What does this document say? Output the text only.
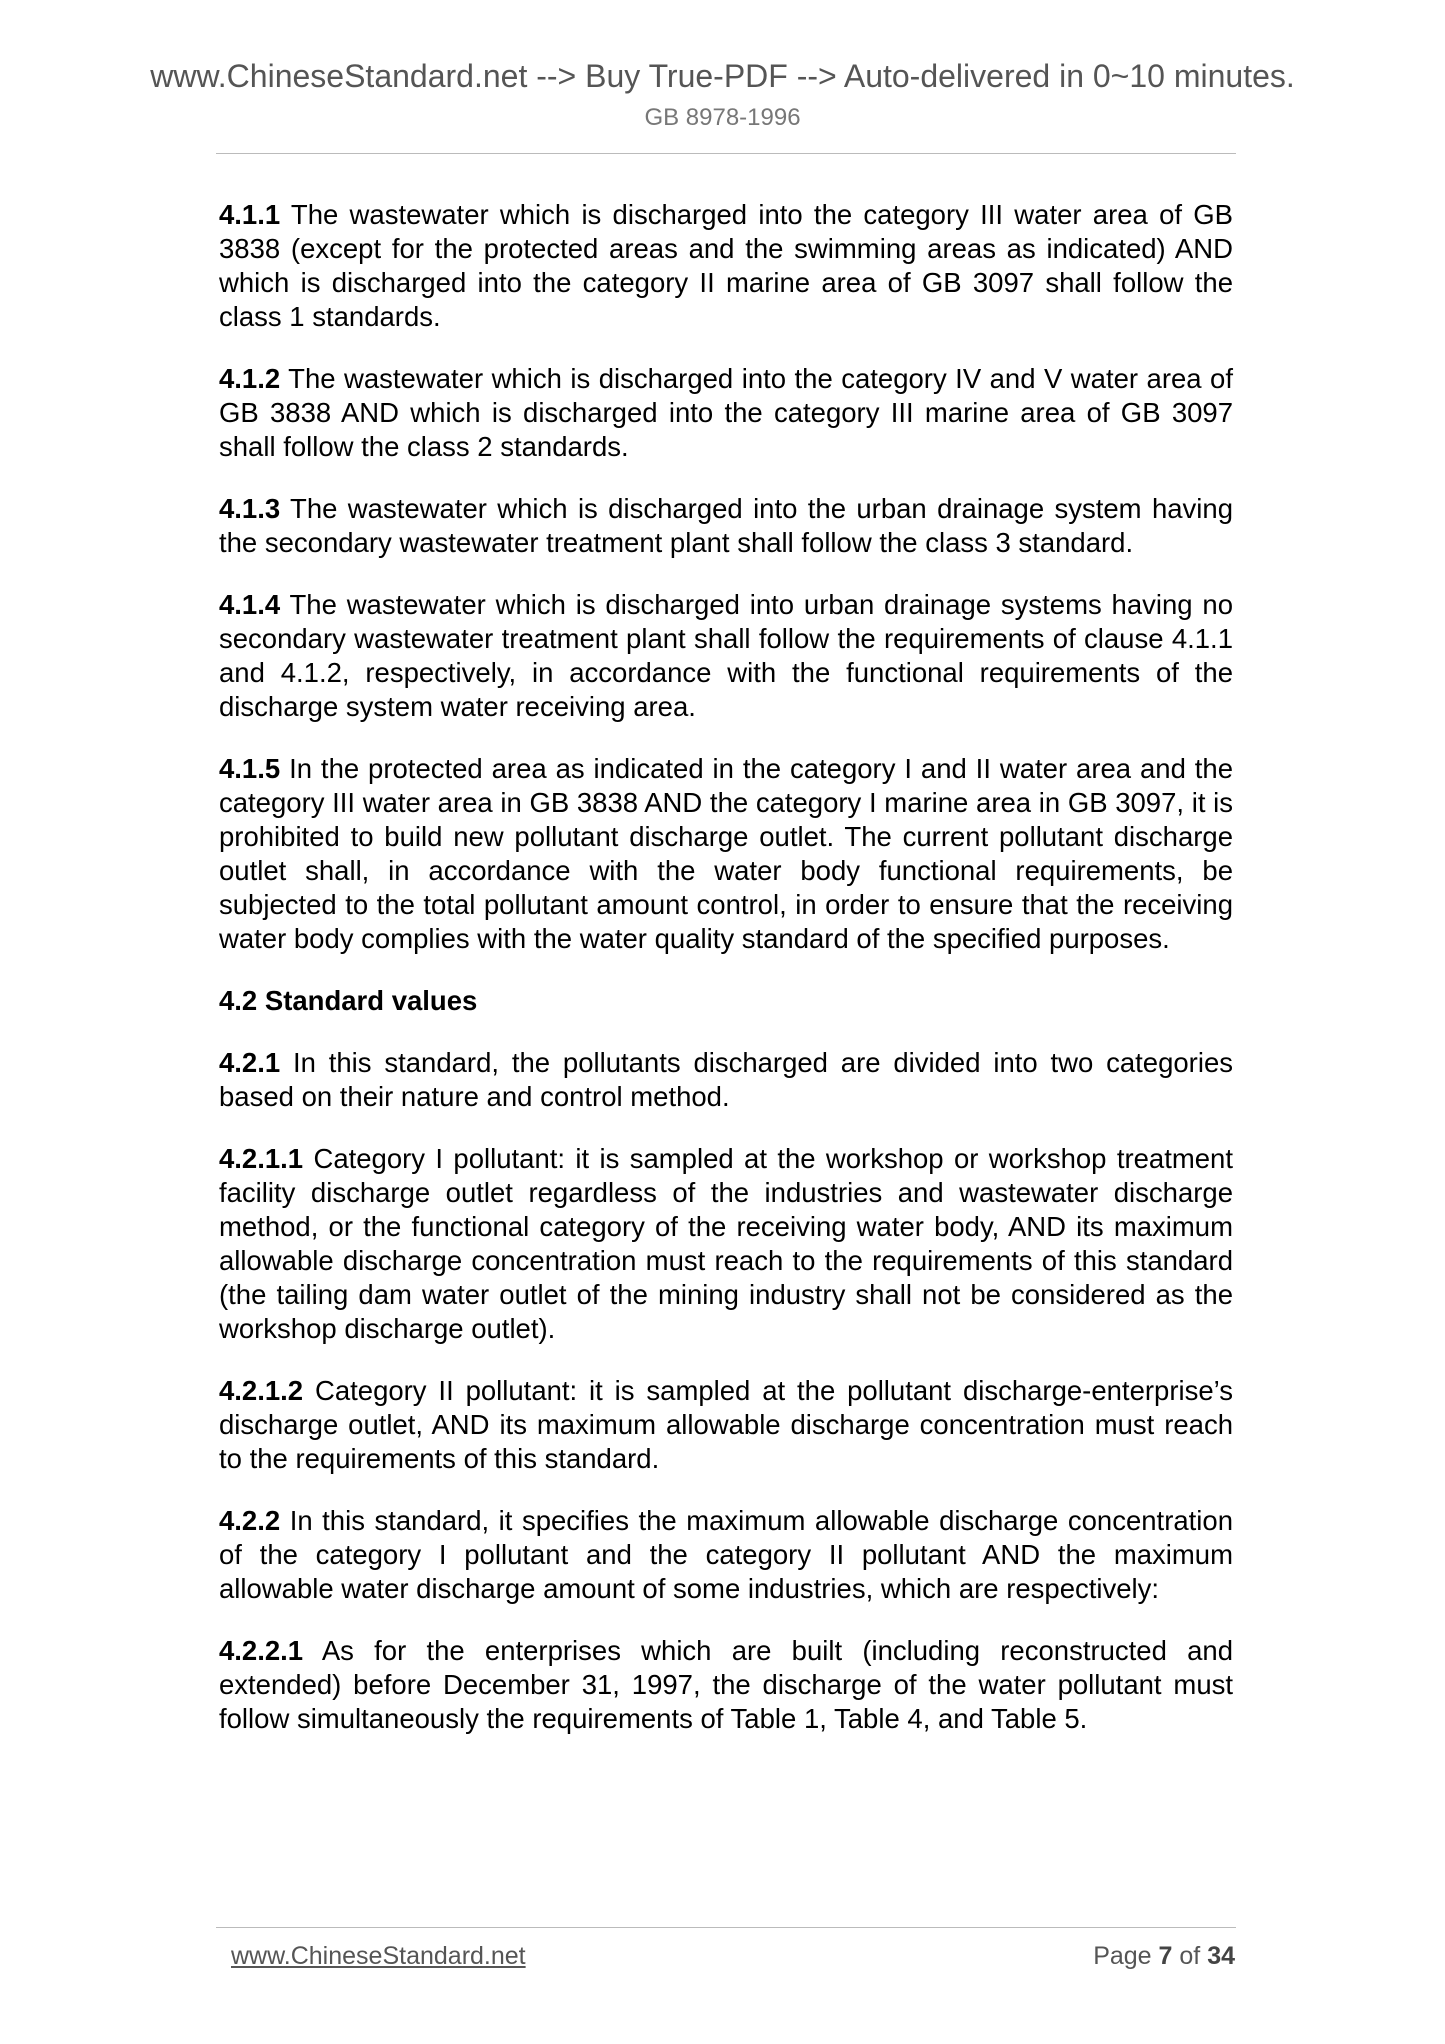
www.ChineseStandard.net --> Buy True-PDF --> Auto-delivered in 0~10 minutes.
GB 8978-1996

4.1.1 The wastewater which is discharged into the category III water area of GB 3838 (except for the protected areas and the swimming areas as indicated) AND which is discharged into the category II marine area of GB 3097 shall follow the class 1 standards.

4.1.2 The wastewater which is discharged into the category IV and V water area of GB 3838 AND which is discharged into the category III marine area of GB 3097 shall follow the class 2 standards.

4.1.3 The wastewater which is discharged into the urban drainage system having the secondary wastewater treatment plant shall follow the class 3 standard.

4.1.4 The wastewater which is discharged into urban drainage systems having no secondary wastewater treatment plant shall follow the requirements of clause 4.1.1 and 4.1.2, respectively, in accordance with the functional requirements of the discharge system water receiving area.

4.1.5 In the protected area as indicated in the category I and II water area and the category III water area in GB 3838 AND the category I marine area in GB 3097, it is prohibited to build new pollutant discharge outlet. The current pollutant discharge outlet shall, in accordance with the water body functional requirements, be subjected to the total pollutant amount control, in order to ensure that the receiving water body complies with the water quality standard of the specified purposes.

4.2 Standard values

4.2.1 In this standard, the pollutants discharged are divided into two categories based on their nature and control method.

4.2.1.1 Category I pollutant: it is sampled at the workshop or workshop treatment facility discharge outlet regardless of the industries and wastewater discharge method, or the functional category of the receiving water body, AND its maximum allowable discharge concentration must reach to the requirements of this standard (the tailing dam water outlet of the mining industry shall not be considered as the workshop discharge outlet).

4.2.1.2 Category II pollutant: it is sampled at the pollutant discharge-enterprise’s discharge outlet, AND its maximum allowable discharge concentration must reach to the requirements of this standard.

4.2.2 In this standard, it specifies the maximum allowable discharge concentration of the category I pollutant and the category II pollutant AND the maximum allowable water discharge amount of some industries, which are respectively:

4.2.2.1 As for the enterprises which are built (including reconstructed and extended) before December 31, 1997, the discharge of the water pollutant must follow simultaneously the requirements of Table 1, Table 4, and Table 5.

www.ChineseStandard.net	Page 7 of 34
